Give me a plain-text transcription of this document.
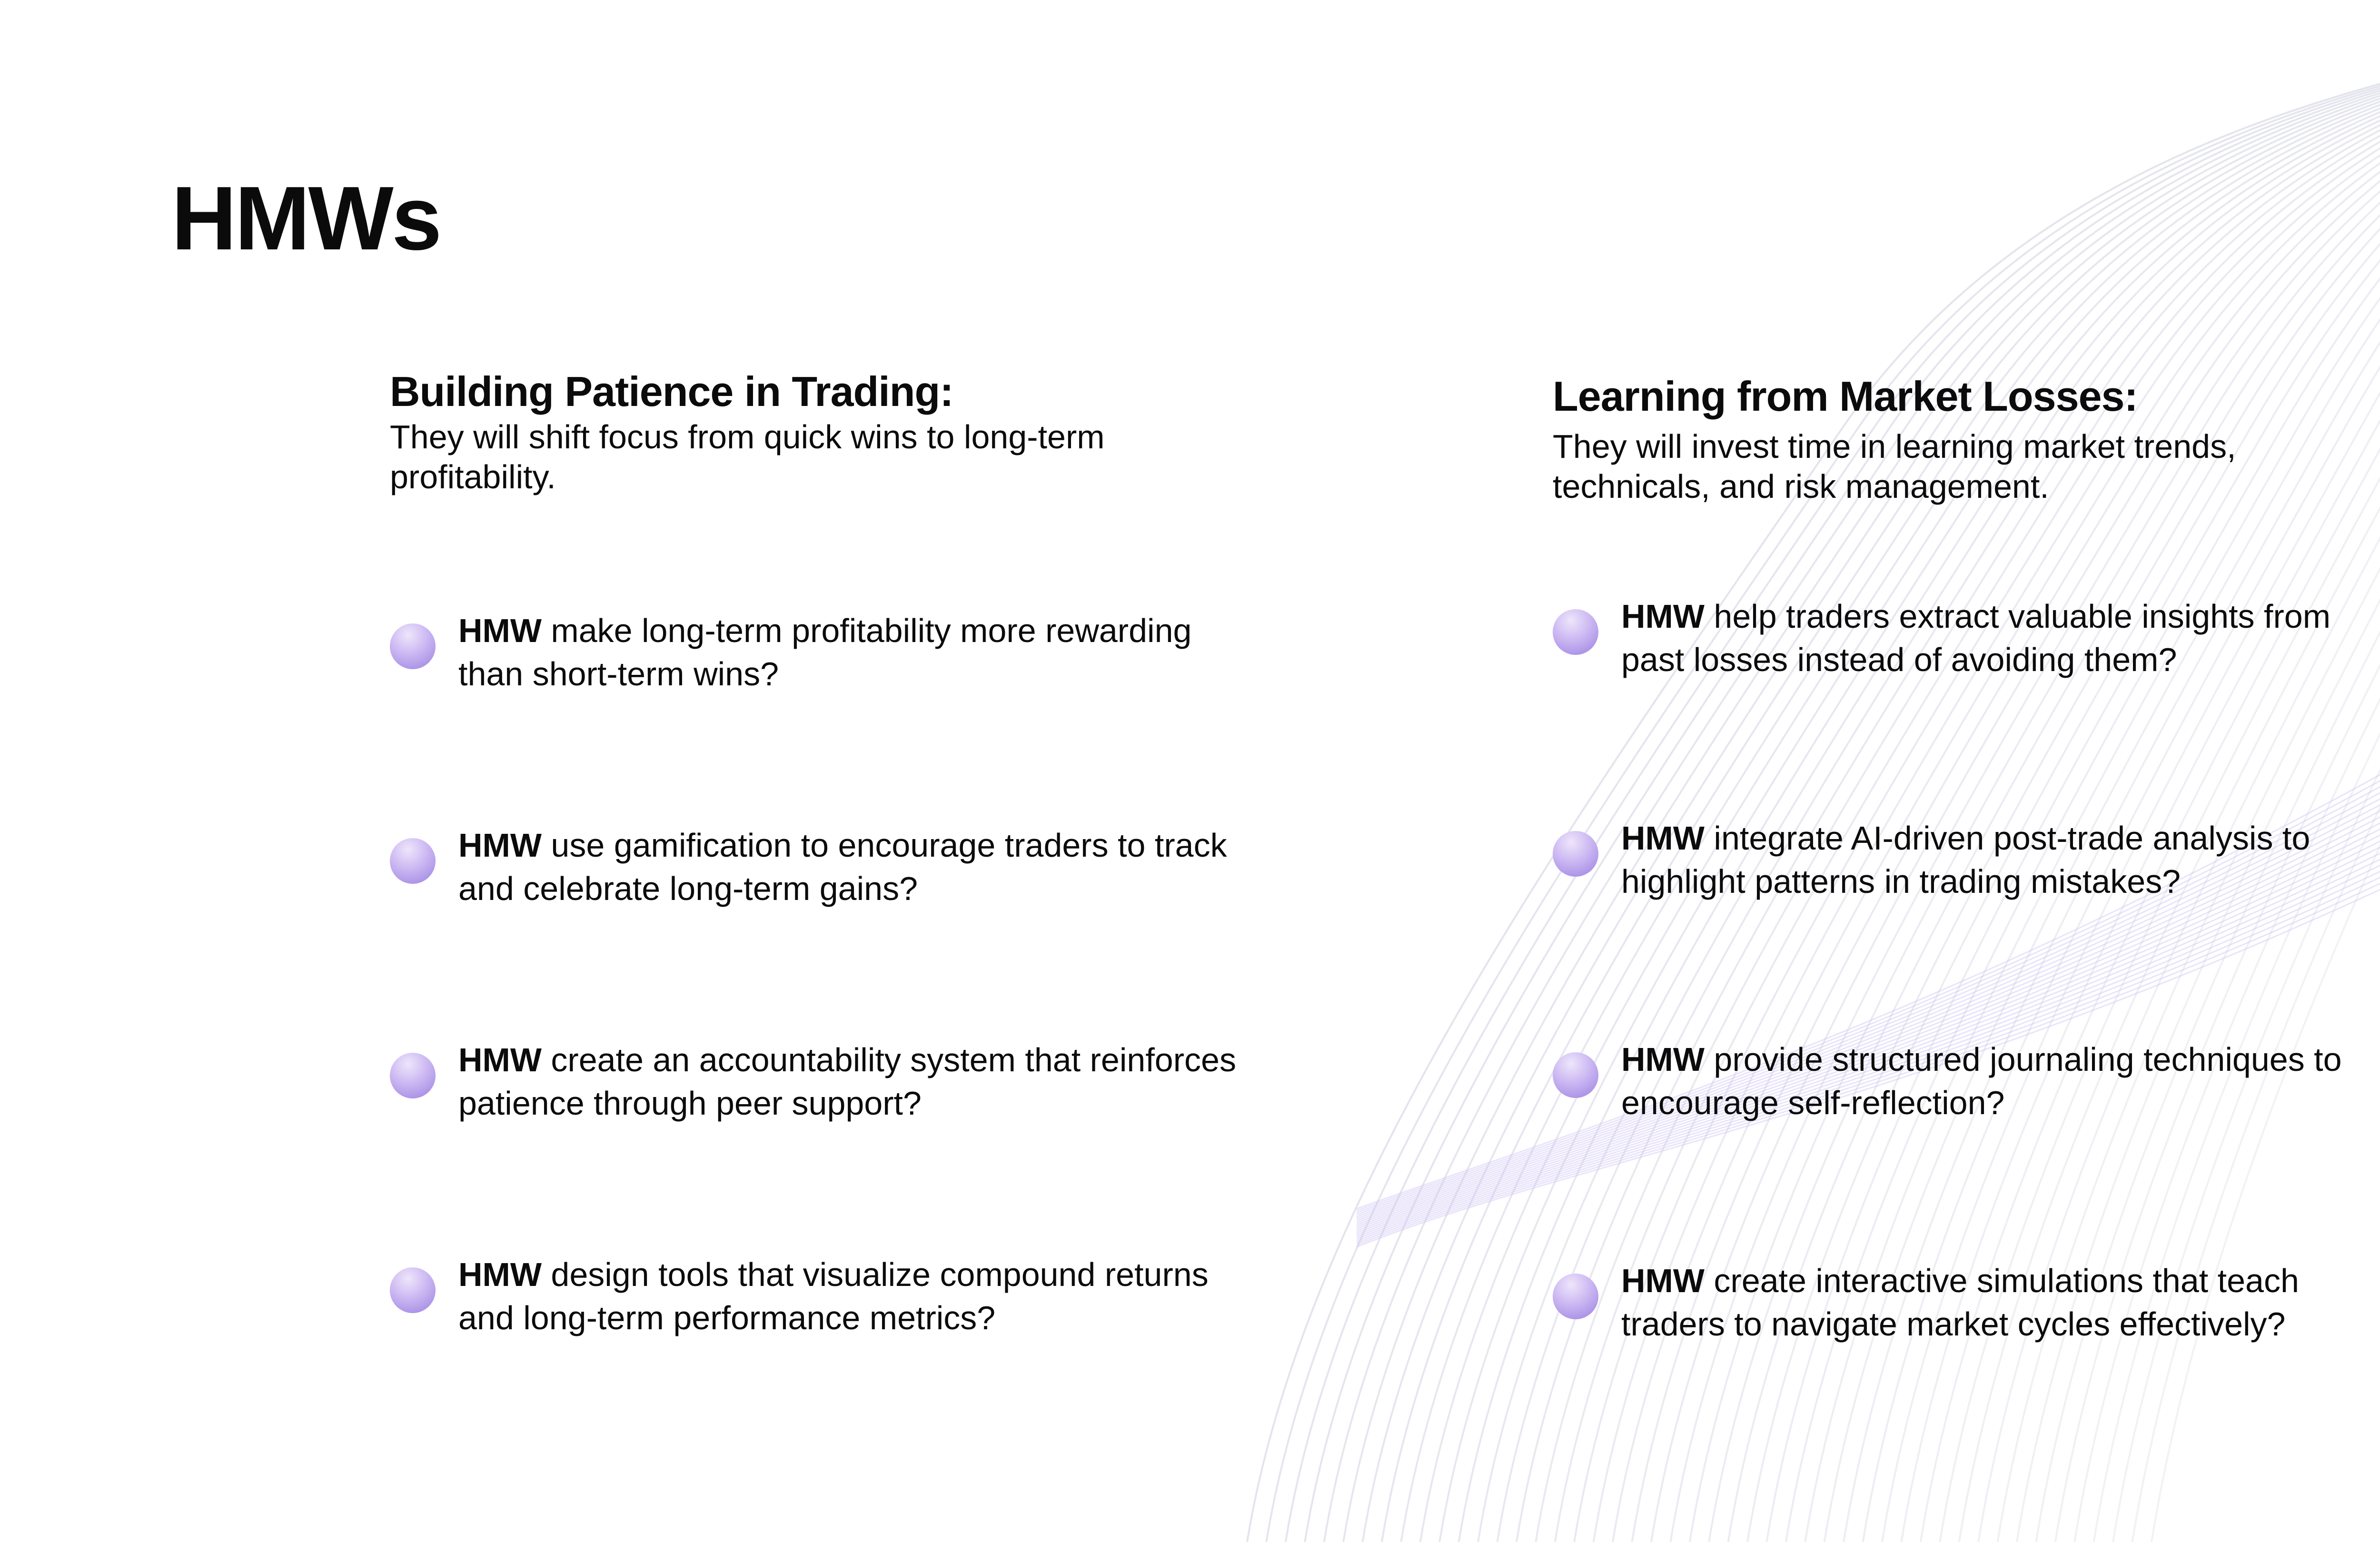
HMWs
Building Patience in Trading:

They will shift focus from quick wins to long-term profitability.

HMW make long-term profitability more rewarding than short-term wins?

HMW use gamification to encourage traders to track and celebrate long-term gains?

HMW create an accountability system that reinforces patience through peer support?

HMW design tools that visualize compound returns and long-term performance metrics?

Learning from Market Losses:

They will invest time in learning market trends, technicals, and risk management.

HMW help traders extract valuable insights from past losses instead of avoiding them?

HMW integrate AI-driven post-trade analysis to highlight patterns in trading mistakes?

HMW provide structured journaling techniques to encourage self-reflection?

HMW create interactive simulations that teach traders to navigate market cycles effectively?
